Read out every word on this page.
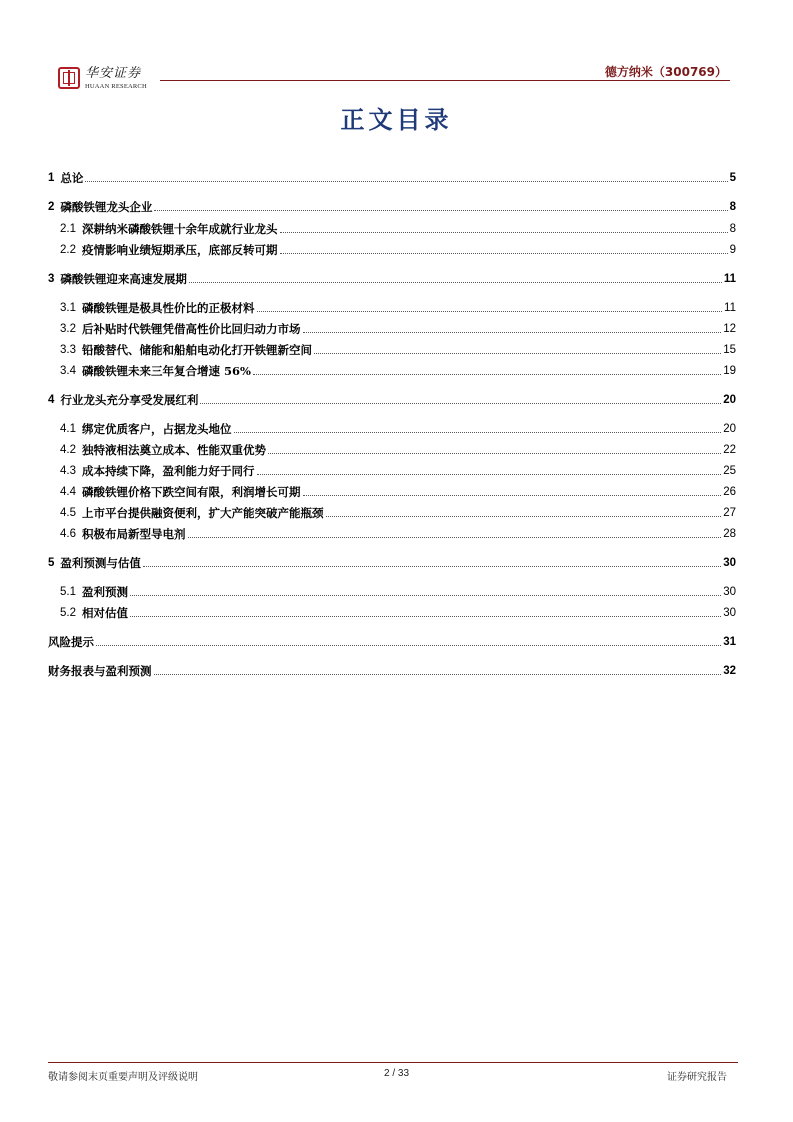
华安证券
HUAAN RESEARCH
德方纳米（300769）
正文目录
1 总论	5
2 磷酸铁锂龙头企业	8
2.1 深耕纳米磷酸铁锂十余年成就行业龙头	8
2.2 疫情影响业绩短期承压，底部反转可期	9
3 磷酸铁锂迎来高速发展期	11
3.1 磷酸铁锂是极具性价比的正极材料	11
3.2 后补贴时代铁锂凭借高性价比回归动力市场	12
3.3 铅酸替代、储能和船舶电动化打开铁锂新空间	15
3.4 磷酸铁锂未来三年复合增速 56%	19
4 行业龙头充分享受发展红利	20
4.1 绑定优质客户，占据龙头地位	20
4.2 独特液相法奠立成本、性能双重优势	22
4.3 成本持续下降，盈利能力好于同行	25
4.4 磷酸铁锂价格下跌空间有限，利润增长可期	26
4.5 上市平台提供融资便利，扩大产能突破产能瓶颈	27
4.6 积极布局新型导电剂	28
5 盈利预测与估值	30
5.1 盈利预测	30
5.2 相对估值	30
风险提示	31
财务报表与盈利预测	32
敬请参阅末页重要声明及评级说明	2 / 33	证券研究报告
